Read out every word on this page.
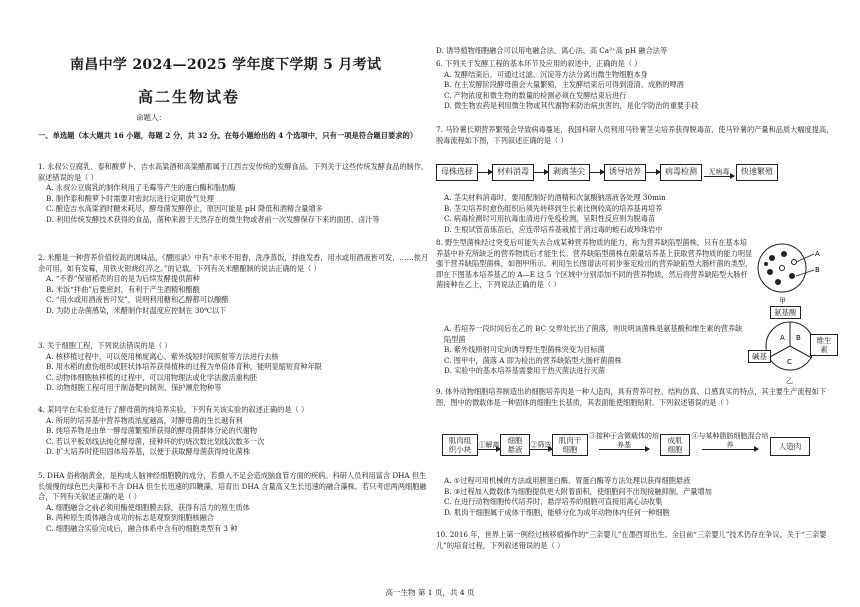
南昌中学 2024—2025 学年度下学期 5 月考试
高二生物试卷
命题人：
一、单选题（本大题共 16 小题，每题 2 分，共 32 分。在每小题给出的 4 个选项中，只有一项是符合题目要求的）
1. 永叔公豆腐乳、泰和酸萝卜、吉水高粱酒和高粱醋都属于江西吉安传统的发酵食品。下列关于这些传统发酵食品的制作，叙述错误的是（ ）
A. 永叔公豆腐乳的制作利用了毛霉等产生的蛋白酶和脂肪酶
B. 制作泰和酸萝卜时需要对密封坛进行定期放气处理
C. 酿造吉水高粱酒时糖未耗尽，酵母菌发酵停止，原因可能是 pH 降低和酒精含量增多
D. 利用传统发酵技术获得的食品，菌种来源于天然存在的微生物或者前一次发酵保存下来的面团、卤汁等
2. 米醋是一种营养价值较高的调味品，《醴园录》中有“赤米不用舂，洗净蒸饭，拌曲发香，用水或用酒液皆可发，……俟月余可用。如有发霉，用铁火钳烧红淬之。”的记载。下列有关米醋酿制的说法正确的是（ ）
A. “不舂”保留稻壳的目的是为后续发酵提供菌种
B. 米饭“拌曲”后要密封，有利于产生酒精和醋酸
C. “用水或用酒液皆可发”，说明利用糖和乙醇都可以酿醋
D. 为防止杂菌感染，米醋制作时温度应控制在 30℃以下
3. 关于细胞工程，下列说法错误的是（ ）
A. 核移植过程中，可以使用梯度离心、紫外线短时间照射等方法进行去核
B. 用水稻的愈伤组织或胚状体培养获得植株的过程为单倍体育种，能明显缩短育种年限
C. 动物体细胞核移植的过程中，可以用物理法或化学法激活重构胚
D. 动物细胞工程可用于制备靶向制剂、保护濒危物种等
4. 某同学在实验室进行了酵母菌的纯培养实验，下列有关该实验的叙述正确的是（ ）
A. 所用的培养基中营养物质浓度越高，对酵母菌的生长越有利
B. 纯培养物是由单一酵母菌繁殖所获得的酵母菌群体分泌的代谢物
C. 若以平板划线法纯化酵母菌，接种环的灼烧次数比划线次数多一次
D. 扩大培养时使用固体培养基，以便于获取酵母菌获得纯化菌株
5. DHA 俗称脑黄金，是构成人脑神经细胞膜的成分，若摄入不足会造成脑血管方面的疾病。科研人员利用富含 DHA 但生长缓慢的绿色巴夫藻和不含 DHA 但生长迅速的四鞭藻，培育出 DHA 含量高又生长迅速的融合藻株。若只考虑两两细胞融合，下列有关叙述正确的是（ ）
A. 细胞融合之前必须用酶使细胞膜去除，获得有活力的原生质体
B. 两种原生质体融合成功的标志是观察到细胞核融合
C. 细胞融合实验完成后，融合体系中含有的细胞类型有 3 种
D. 诱导植物细胞融合可以用电融合法、离心法、高 Ca²⁺高 pH 融合法等
6. 下列关于发酵工程的基本环节及应用的叙述中，正确的是（ ）
A. 发酵结束后，可通过过滤、沉淀等方法分离出微生物细胞本身
B. 在主发酵阶段酵母菌会大量繁殖，主发酵结束后可得到澄清、成熟的啤酒
C. 产物浓度和微生物的数量的检测必须在发酵结束后进行
D. 微生物农药是利用微生物或其代谢物来防治病虫害的，是化学防治的重要手段
7. 马铃薯长期营养繁殖会导致病毒蔓延，我国科研人员利用马铃薯茎尖培养获得脱毒苗，使马铃薯的产量和品质大幅度提高，脱毒流程如下图，下列叙述正确的是（ ）
母株选择	材料消毒	剥离茎尖	诱导培养	病毒检测	无病毒	快速繁殖
A. 茎尖材料消毒时，要用配制好的酒精和次氯酸钠溶液各处理 30min
B. 茎尖培养时愈伤组织后须先转移到生长素比例较高的培养基再培养
C. 病毒检测时可用抗毒血清进行免疫检测，呈阳性反应则为脱毒苗
D. 生根试管苗炼苗后，应连带培养基栽植于消过毒的蛭石或珍珠岩中
8. 野生型菌株经过突变后可能失去合成某种营养物质的能力，称为营养缺陷型菌株，只有在基本培养基中补充所缺乏的营养物质后才能生长。营养缺陷型菌株在限量培养基上获取营养物质的能力明显强于营养缺陷型菌株，如图甲所示。利用生长图谱法可初步鉴定检出的营养缺陷型大肠杆菌的类型，即在下图基本培养基乙的 A—E 这 5 个区域中分别添加不同的营养物质，然后将营养缺陷型大肠杆菌接种在乙上，下列说法正确的是（ ）
A
B
甲
氨基酸
A B
C
维生素
碱基
乙
A. 若培养一段时间后在乙的 BC 交界处长出了菌落，则说明该菌株是氨基酸和维生素的营养缺陷型菌
B. 紫外线照射可定向诱导野生型菌株突变为目标菌
C. 图甲中，菌落 A 即为检出的营养缺陷型大肠杆菌菌株
D. 实验中的基本培养基需要用干热灭菌法进行灭菌
9. 体外动物细胞培养制造出的细胞培养肉是一种人造肉，具有营养可控、结构仿真、口感真实的特点，其主要生产流程如下图，图中的微载体是一种固体的细胞生长基质，其表面能使细胞贴附。下列叙述错误的是（ ）
肌肉组织小块
①解离	细胞悬液
②筛选 肌肉干细胞
③接种于含微载体的培养基	成肌细胞
④与某种脂肪细胞混合培养	人造肉
A. ①过程可用机械的方法或用胰蛋白酶、胃蛋白酶等方法处理以获得细胞悬液
B. ③过程加入微载体为细胞提供更大附着面积，使细胞间不出现接触抑制，产量增加
C. 在进行动物细胞传代培养时，悬浮培养的细胞可直接用离心法收集
D. 肌肉干细胞属于成体干细胞，能够分化为成年动物体内任何一种细胞
10. 2016 年，世界上第一例经过核移植操作的“三亲婴儿”在墨西哥出生。全目前“三亲婴儿”技术仍存在争议。关于“三亲婴儿”的培育过程，下列叙述错误的是（ ）
高一生物 第 1 页，共 4 页
